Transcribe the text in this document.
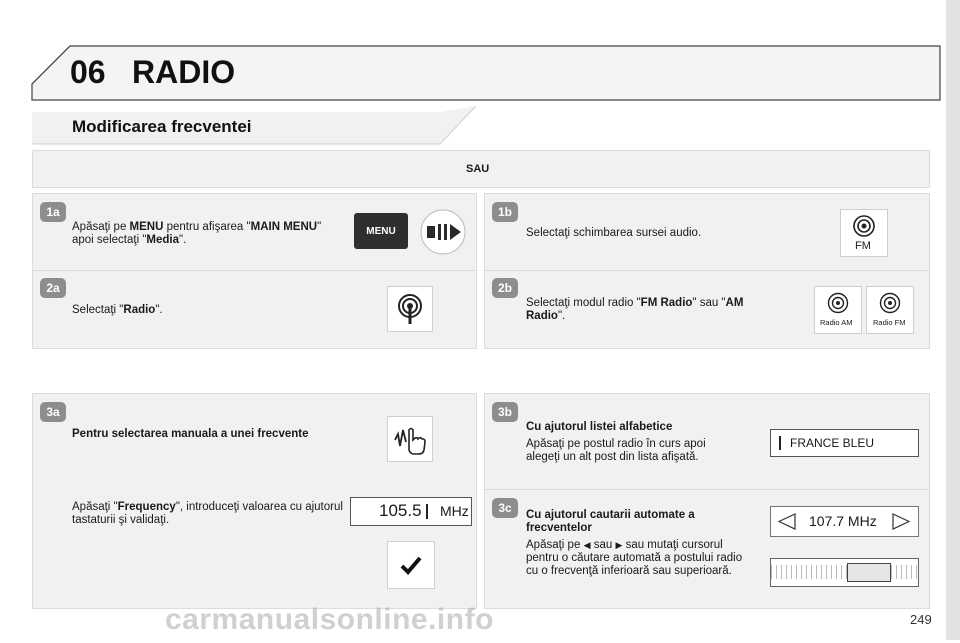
06 RADIO
Modificarea frecventei
SAU
1a
Apăsaţi pe MENU pentru afişarea "MAIN MENU" apoi selectaţi "Media".
MENU
2a
Selectaţi "Radio".
1b
Selectaţi schimbarea sursei audio.
FM
2b
Selectaţi modul radio "FM Radio" sau "AM Radio".
Radio AM	Radio FM
3a
Pentru selectarea manuala a unei frecvente
Apăsaţi "Frequency", introduceţi valoarea cu ajutorul tastaturii şi validaţi.	105.5 MHz
3b
Cu ajutorul listei alfabetice
Apăsaţi pe postul radio în curs apoi alegeţi un alt post din lista afişată.
FRANCE BLEU
3c	Cu ajutorul cautarii automate a frecventelor
Apăsaţi pe ◀ sau ▶ sau mutaţi cursorul pentru o căutare automată a postului radio cu o frecvenţă inferioară sau superioară.
107.7 MHz
249
carmanualsonline.info
